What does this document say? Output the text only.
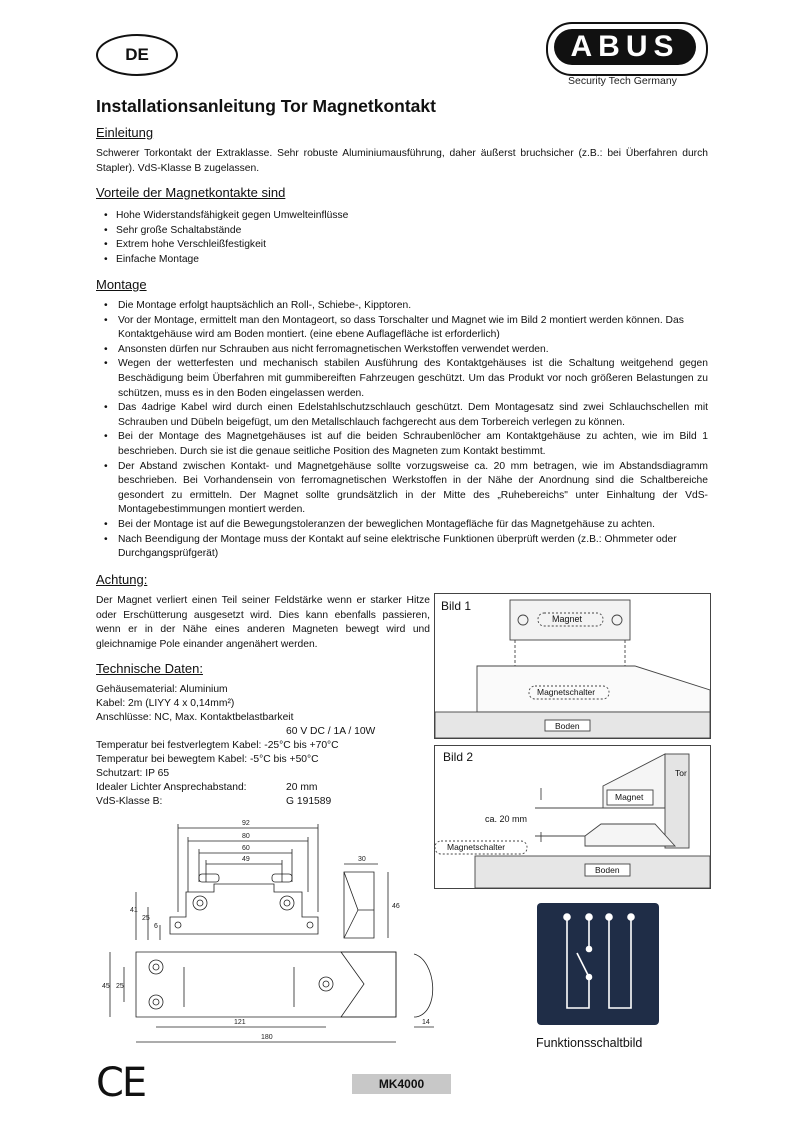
DE	ABUS
Security Tech Germany
Installationsanleitung Tor Magnetkontakt
Einleitung
Schwerer Torkontakt der Extraklasse. Sehr robuste Aluminiumausführung, daher äußerst bruchsicher (z.B.: bei Überfahren durch Stapler). VdS-Klasse B zugelassen.
Vorteile der Magnetkontakte sind
• Hohe Widerstandsfähigkeit gegen Umwelteinflüsse
• Sehr große Schaltabstände
• Extrem hohe Verschleißfestigkeit
• Einfache Montage
Montage
• Die Montage erfolgt hauptsächlich an Roll-, Schiebe-, Kipptoren.
• Vor der Montage, ermittelt man den Montageort, so dass Torschalter und Magnet wie im Bild 2 montiert werden können. Das Kontaktgehäuse wird am Boden montiert. (eine ebene Auflagefläche ist erforderlich)
• Ansonsten dürfen nur Schrauben aus nicht ferromagnetischen Werkstoffen verwendet werden.
• Wegen der wetterfesten und mechanisch stabilen Ausführung des Kontaktgehäuses ist die Schaltung weitgehend gegen Beschädigung beim Überfahren mit gummibereiften Fahrzeugen geschützt. Um das Produkt vor noch größeren Belastungen zu schützen, muss es in den Boden eingelassen werden.
• Das 4adrige Kabel wird durch einen Edelstahlschutzschlauch geschützt. Dem Montagesatz sind zwei Schlauchschellen mit Schrauben und Dübeln beigefügt, um den Metallschlauch fachgerecht aus dem Torbereich verlegen zu können.
• Bei der Montage des Magnetgehäuses ist auf die beiden Schraubenlöcher am Kontaktgehäuse zu achten, wie im Bild 1 beschrieben. Durch sie ist die genaue seitliche Position des Magneten zum Kontakt bestimmt.
• Der Abstand zwischen Kontakt- und Magnetgehäuse sollte vorzugsweise ca. 20 mm betragen, wie im Abstandsdiagramm beschrieben. Bei Vorhandensein von ferromagnetischen Werkstoffen in der Nähe der Anordnung sind die Schaltbereiche gesondert zu ermitteln. Der Magnet sollte grundsätzlich in der Mitte des „Ruhebereichs" unter Einhaltung der VdS-Montagebestimmungen montiert werden.
• Bei der Montage ist auf die Bewegungstoleranzen der beweglichen Montagefläche für das Magnetgehäuse zu achten.
• Nach Beendigung der Montage muss der Kontakt auf seine elektrische Funktionen überprüft werden (z.B.: Ohmmeter oder Durchgangsprüfgerät)
Achtung:
Der Magnet verliert einen Teil seiner Feldstärke wenn er starker Hitze oder Erschütterung ausgesetzt wird. Dies kann ebenfalls passieren, wenn er in der Nähe eines anderen Magneten bewegt wird und gleichnamige Pole einander angenähert werden.
Technische Daten:
Gehäusematerial: Aluminium
Kabel: 2m (LIYY 4 x 0,14mm²)
Anschlüsse: NC, Max. Kontaktbelastbarkeit
60 V DC / 1A / 10W
Temperatur bei festverlegtem Kabel: -25°C bis +70°C
Temperatur bei bewegtem Kabel: -5°C bis +50°C
Schutzart: IP 65
Idealer Lichter Ansprechabstand:	20 mm
VdS-Klasse B:	G 191589
92
80
60
49
41
25
6
30
46
45 25
121
180
14
Bild 1
Magnet
Magnetschalter
Boden
Bild 2
Tor
Magnet
ca. 20 mm
Magnetschalter
Boden
Funktionsschaltbild
CE	MK4000
